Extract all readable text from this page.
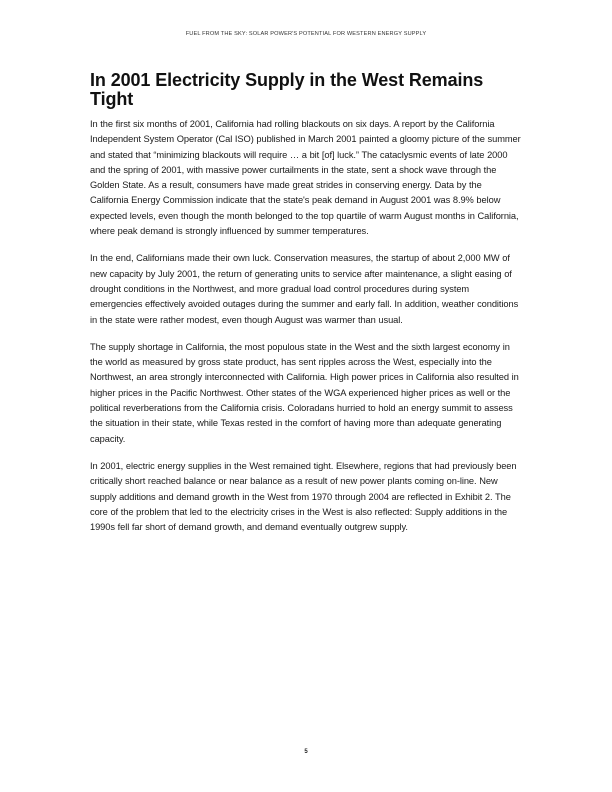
FUEL FROM THE SKY: SOLAR POWER'S POTENTIAL FOR WESTERN ENERGY SUPPLY
In 2001 Electricity Supply in the West Remains Tight

In the first six months of 2001, California had rolling blackouts on six days. A report by the California Independent System Operator (Cal ISO) published in March 2001 painted a gloomy picture of the summer and stated that “minimizing blackouts will require … a bit [of] luck.” The cataclysmic events of late 2000 and the spring of 2001, with massive power curtailments in the state, sent a shock wave through the Golden State. As a result, consumers have made great strides in conserving energy. Data by the California Energy Commission indicate that the state's peak demand in August 2001 was 8.9% below expected levels, even though the month belonged to the top quartile of warm August months in California, where peak demand is strongly influenced by summer temperatures.

In the end, Californians made their own luck. Conservation measures, the startup of about 2,000 MW of new capacity by July 2001, the return of generating units to service after maintenance, a slight easing of drought conditions in the Northwest, and more gradual load control procedures during system emergencies effectively avoided outages during the summer and early fall. In addition, weather conditions in the state were rather modest, even though August was warmer than usual.

The supply shortage in California, the most populous state in the West and the sixth largest economy in the world as measured by gross state product, has sent ripples across the West, especially into the Northwest, an area strongly interconnected with California. High power prices in California also resulted in higher prices in the Pacific Northwest. Other states of the WGA experienced higher prices as well or the political reverberations from the California crisis. Coloradans hurried to hold an energy summit to assess the situation in their state, while Texas rested in the comfort of having more than adequate generating capacity.

In 2001, electric energy supplies in the West remained tight. Elsewhere, regions that had previously been critically short reached balance or near balance as a result of new power plants coming on-line. New supply additions and demand growth in the West from 1970 through 2004 are reflected in Exhibit 2. The core of the problem that led to the electricity crises in the West is also reflected: Supply additions in the 1990s fell far short of demand growth, and demand eventually outgrew supply.

5
